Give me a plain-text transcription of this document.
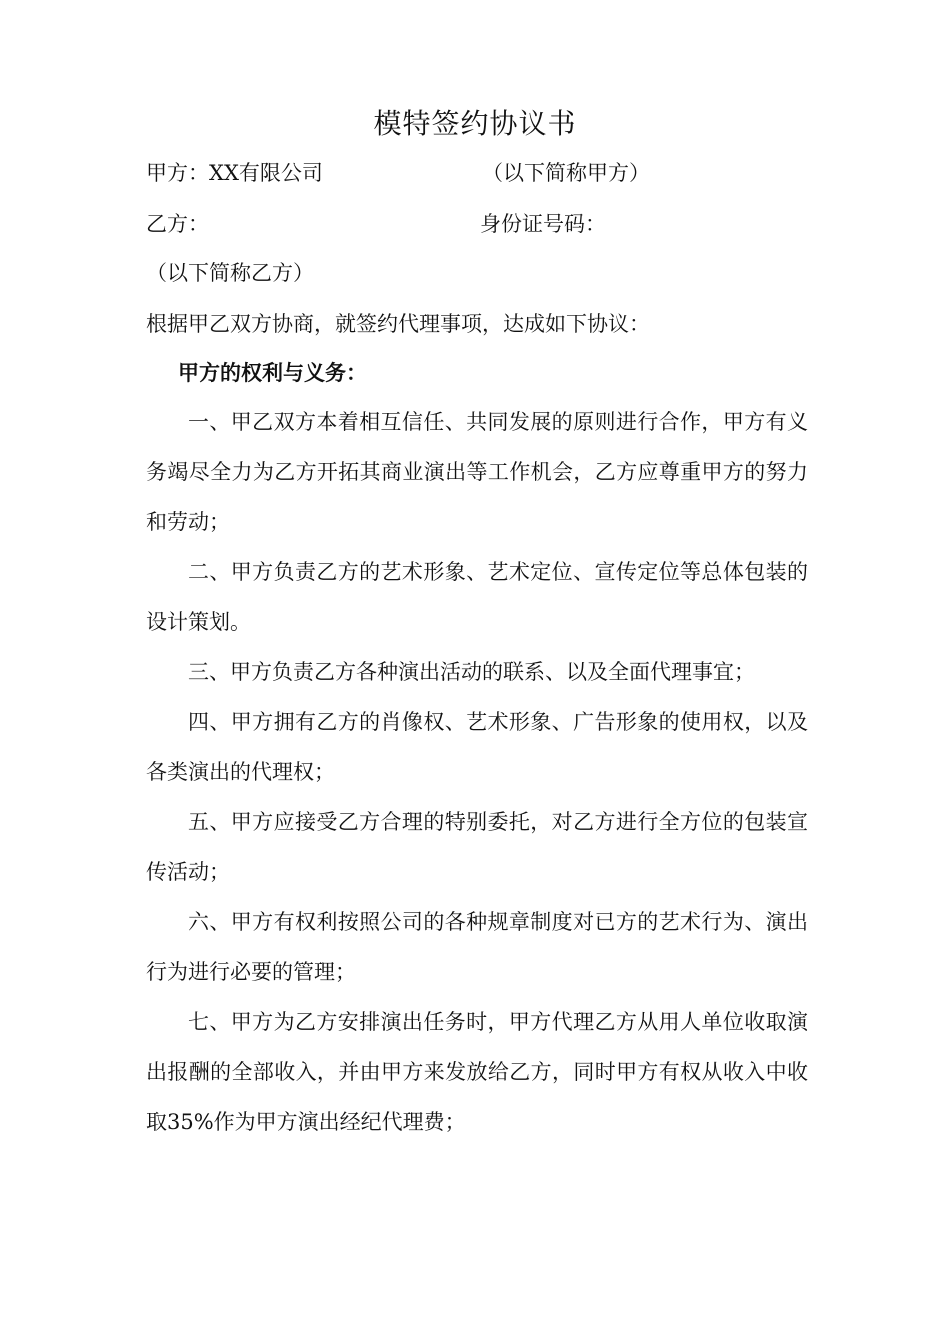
模特签约协议书
甲方：XX有限公司	（以下简称甲方）
乙方：	身份证号码：
（以下简称乙方）
根据甲乙双方协商，就签约代理事项，达成如下协议：
甲方的权利与义务：
一、甲乙双方本着相互信任、共同发展的原则进行合作，甲方有义务竭尽全力为乙方开拓其商业演出等工作机会，乙方应尊重甲方的努力和劳动；
二、甲方负责乙方的艺术形象、艺术定位、宣传定位等总体包装的设计策划。
三、甲方负责乙方各种演出活动的联系、以及全面代理事宜；
四、甲方拥有乙方的肖像权、艺术形象、广告形象的使用权，以及各类演出的代理权；
五、甲方应接受乙方合理的特别委托，对乙方进行全方位的包装宣传活动；
六、甲方有权利按照公司的各种规章制度对已方的艺术行为、演出行为进行必要的管理；
七、甲方为乙方安排演出任务时，甲方代理乙方从用人单位收取演出报酬的全部收入，并由甲方来发放给乙方，同时甲方有权从收入中收取35%作为甲方演出经纪代理费；
